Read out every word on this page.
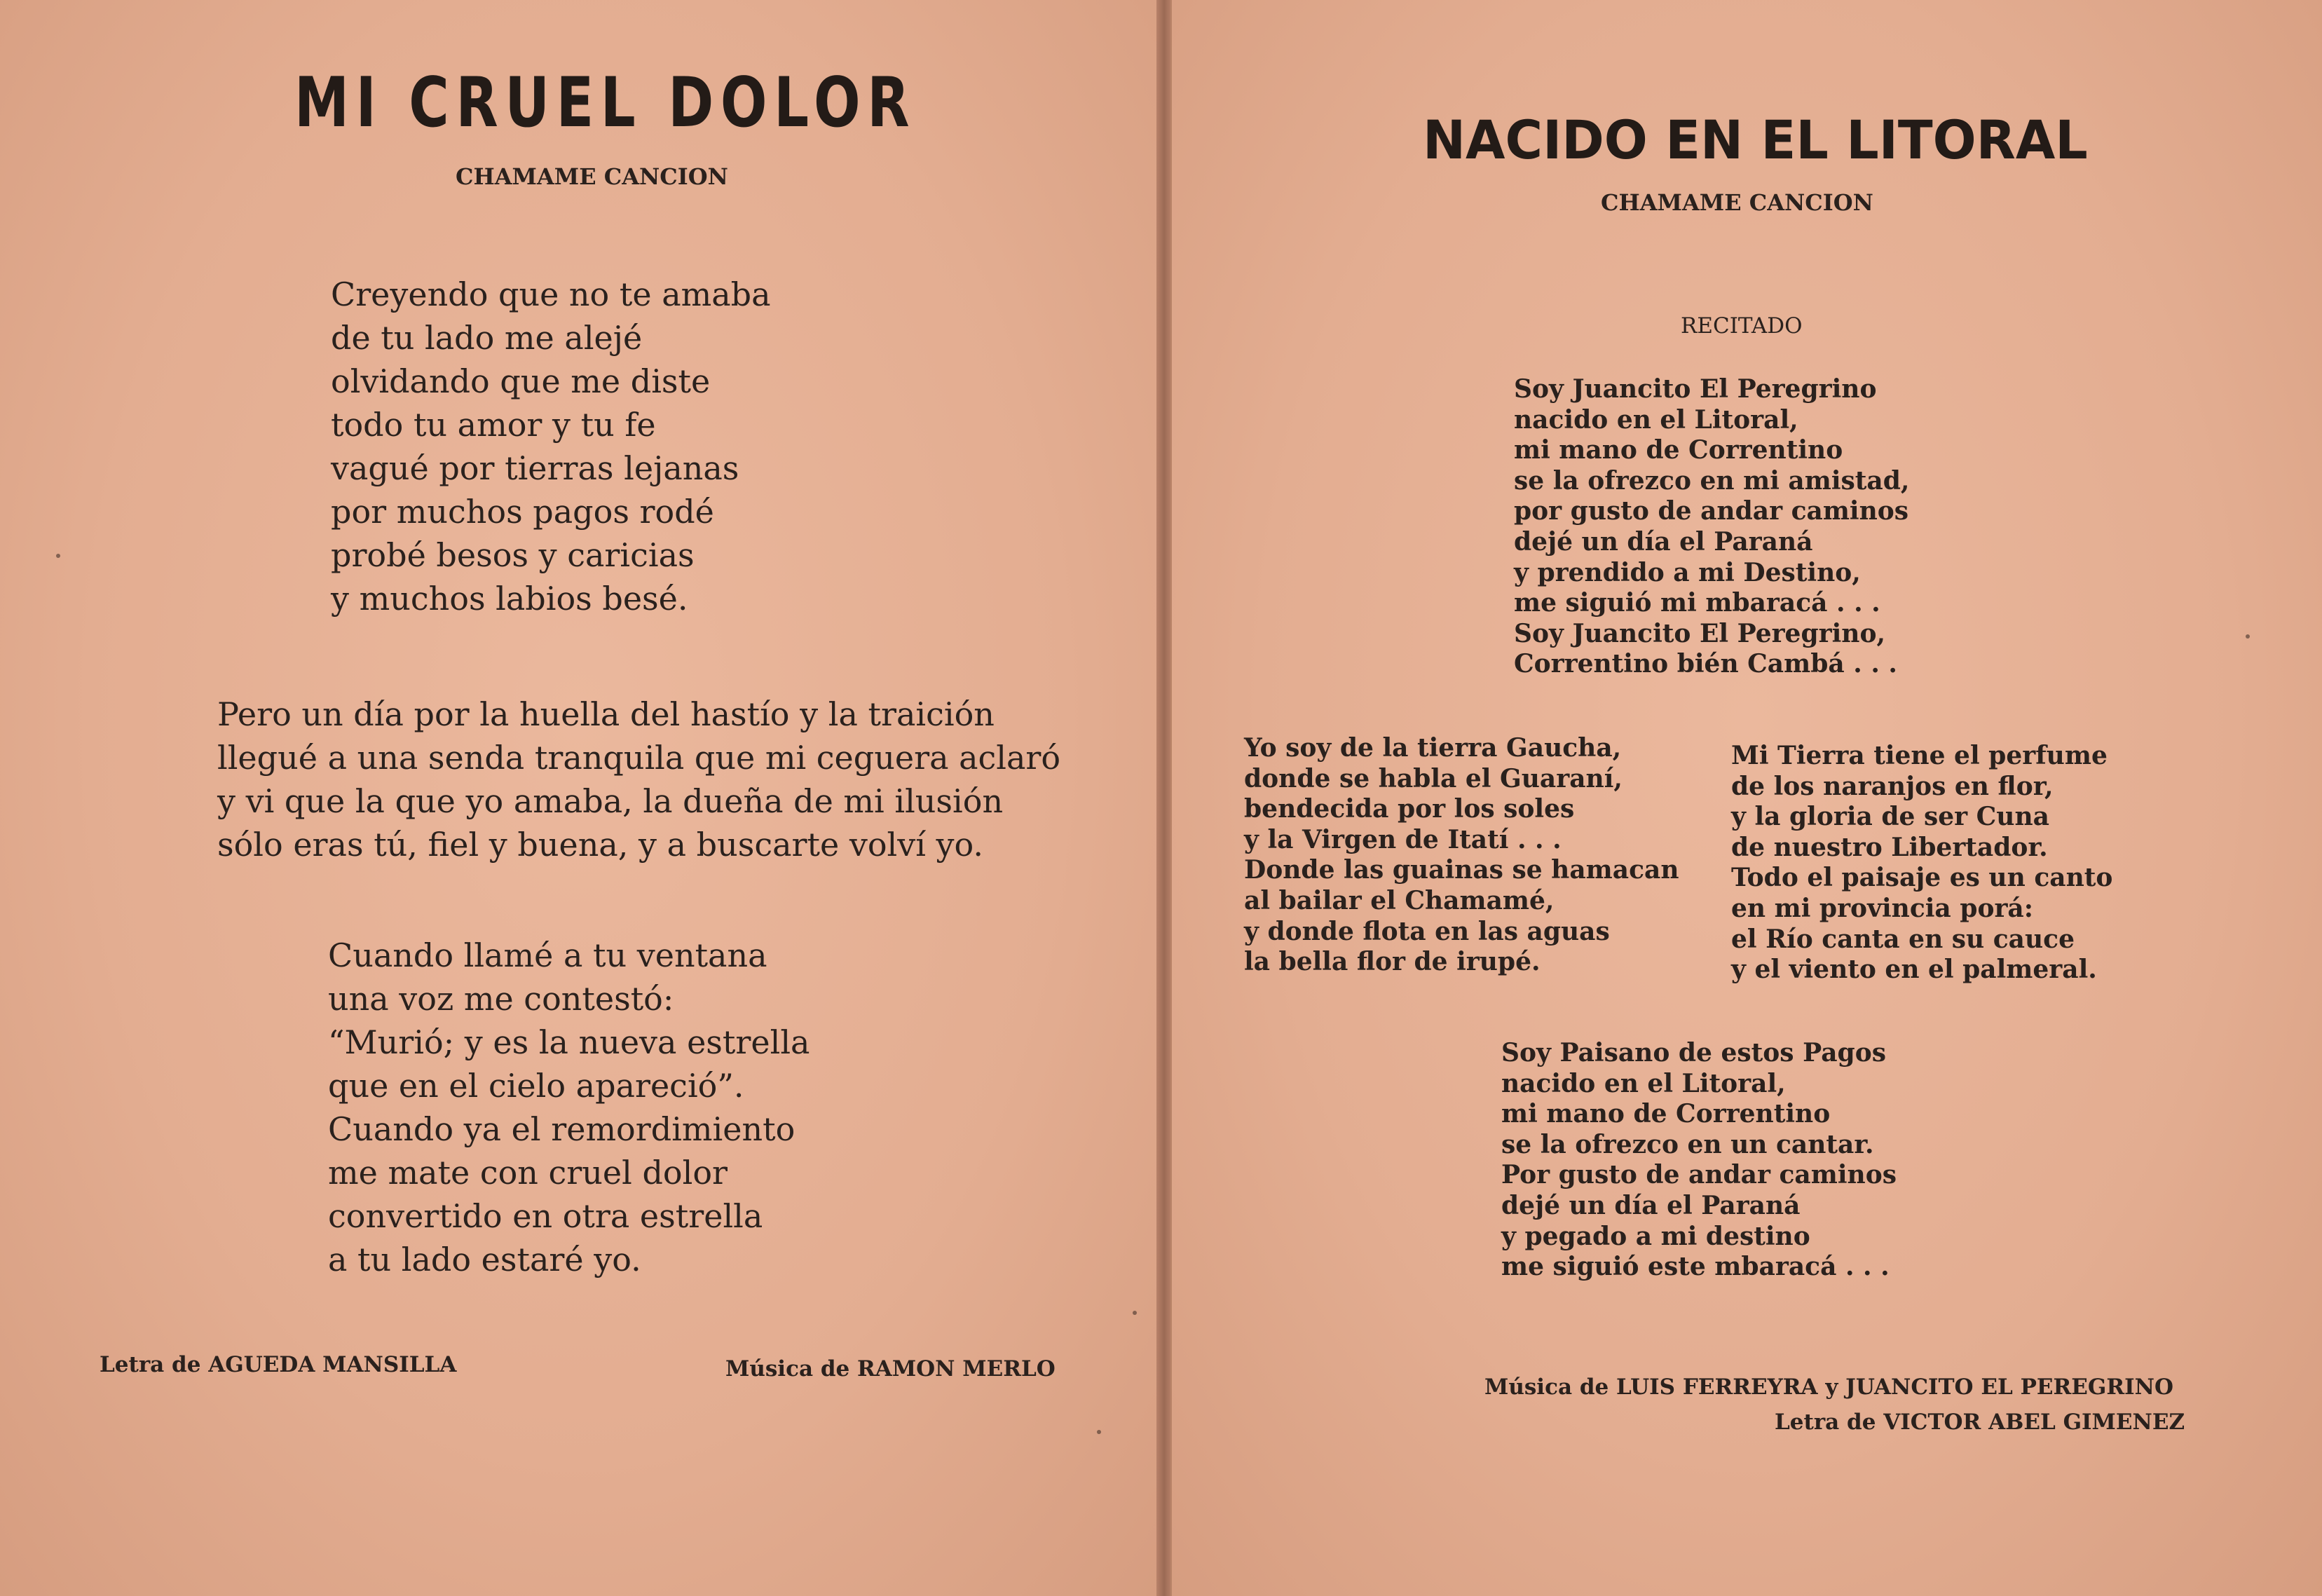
MI CRUEL DOLOR
CHAMAME CANCION

Creyendo que no te amaba
de tu lado me alejé
olvidando que me diste
todo tu amor y tu fe
vagué por tierras lejanas
por muchos pagos rodé
probé besos y caricias
y muchos labios besé.

Pero un día por la huella del hastío y la traición
llegué a una senda tranquila que mi ceguera aclaró
y vi que la que yo amaba, la dueña de mi ilusión
sólo eras tú, fiel y buena, y a buscarte volví yo.

Cuando llamé a tu ventana
una voz me contestó:
“Murió; y es la nueva estrella
que en el cielo apareció”.
Cuando ya el remordimiento
me mate con cruel dolor
convertido en otra estrella
a tu lado estaré yo.

Letra de AGUEDA MANSILLA	Música de RAMON MERLO
NACIDO EN EL LITORAL
CHAMAME CANCION
RECITADO

Soy Juancito El Peregrino
nacido en el Litoral,
mi mano de Correntino
se la ofrezco en mi amistad,
por gusto de andar caminos
dejé un día el Paraná
y prendido a mi Destino,
me siguió mi mbaracá . . .
Soy Juancito El Peregrino,
Correntino bién Cambá . . .

Yo soy de la tierra Gaucha,
donde se habla el Guaraní,
bendecida por los soles
y la Virgen de Itatí . . .
Donde las guainas se hamacan
al bailar el Chamamé,
y donde flota en las aguas
la bella flor de irupé.

Mi Tierra tiene el perfume
de los naranjos en flor,
y la gloria de ser Cuna
de nuestro Libertador.
Todo el paisaje es un canto
en mi provincia porá:
el Río canta en su cauce
y el viento en el palmeral.

Soy Paisano de estos Pagos
nacido en el Litoral,
mi mano de Correntino
se la ofrezco en un cantar.
Por gusto de andar caminos
dejé un día el Paraná
y pegado a mi destino
me siguió este mbaracá . . .

Música de LUIS FERREYRA y JUANCITO EL PEREGRINO
Letra de VICTOR ABEL GIMENEZ
